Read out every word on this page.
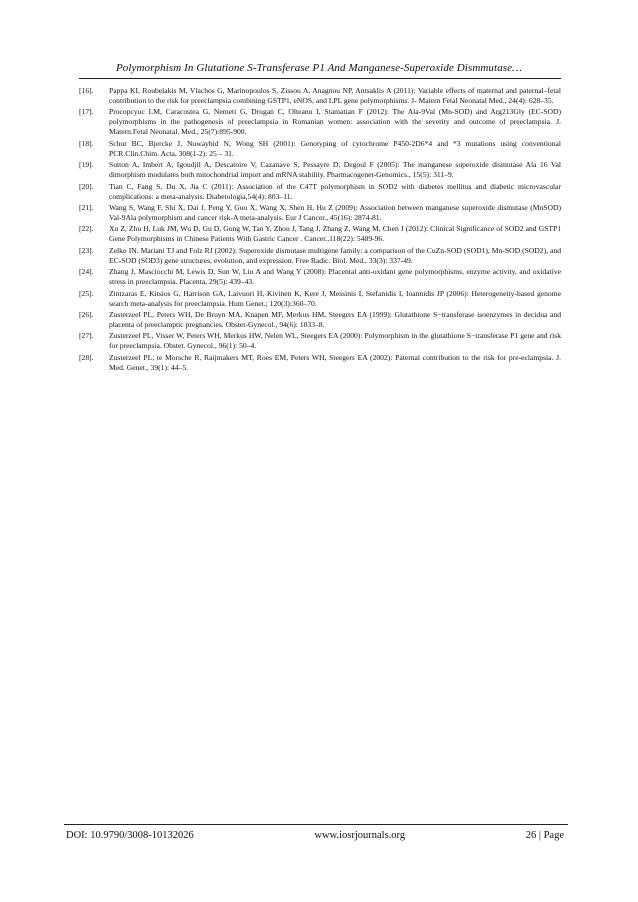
Polymorphism In Glutatione S-Transferase P1 And Manganese-Superoxide Dismmutase…
[16].	Pappa KI, Roubelakis M, Vlachos G, Marinopoulos S, Zissou A, Anagnou NP, Antsaklis A (2011): Variable effects of maternal and paternal–fetal contribution to the risk for preeclampsia combining GSTP1, eNOS, and LPL gene polymorphisms. J- Matern Fetal Neonatal Med., 24(4): 628–35.
[17].	Procopcyuc LM, Caracostea G, Nemeti G, Drugan C, Olteanu I, Stamatian F (2012): The Ala-9Val (Mn-SOD) and Arg213Gly (EC-SOD) polymorphisms in the pathogenesis of preeclampsia in Romanian women: association with the severity and outcome of preeclampsia. J. Matern.Fetal Neonatal. Med., 25(7):895-900.
[18].	Schur BC, Bjercke J, Nuwayhid N, Wong SH (2001): Genotyping of cytochrome P450-2D6*4 and *3 mutations using conventional PCR.Clin.Chim. Acta, 308(1-2): 25 – 31.
[19].	Sutton A, Imbert A, Igoudjil A, Descatoire V, Cazanave S, Pessayre D, Degoul F (2005): The manganese superoxide dismutase Ala 16 Val dimorphism modulates both mitochondrial import and mRNA stability. Pharmacogenet-Genomics., 15(5): 311–9.
[20].	Tian C, Fang S, Du X, Jia C (2011): Association of the C47T polymorphism in SOD2 with diabetes mellitus and diabetic microvascular complications: a meta-analysis. Diabetologia,54(4): 803–11.
[21].	Wang S, Wang F, Shi X, Dai J, Peng Y, Guo X, Wang X, Shen H, Hu Z (2009): Association between manganese superoxide dismutase (MnSOD) Val-9Ala polymorphism and cancer risk-A meta-analysis. Eur J Cancer., 45(16): 2874-81.
[22].	Xu Z, Zhu H, Luk JM, Wu D, Gu D, Gong W, Tan Y, Zhou J, Tang J, Zhang Z, Wang M, Chen J (2012): Clinical Significance of SOD2 and GSTP1 Gene Polymorphisms in Chinese Patients With Gastric Cancer . Cancer.,118(22): 5489-96.
[23].	Zelko IN. Mariani TJ and Folz RJ (2002): Superoxide dismutase multigene family: a comparison of the CuZn-SOD (SOD1), Mn-SOD (SOD2), and EC-SOD (SOD3) gene structures, evolution, and expression. Free Radic. Biol. Med., 33(3): 337-49.
[24].	Zhang J, Masciocchi M, Lewis D, Sun W, Liu A and Wang Y (2008): Placental anti-oxidant gene polymorphisms, enzyme activity, and oxidative stress in preeclampsia. Placenta, 29(5): 439–43.
[25].	Zintzaras E, Kitsios G, Harrison GA, Laivuori H, Kivinen K, Kere J, Messinis I, Stefanidis I, Ioannidis JP (2006): Heterogeneity-based genome search meta-analysis for preeclampsia. Hum Genet.; 120(3):360–70.
[26].	Zusterzeel PL, Peters WH, De Bruyn MA, Knapen MF, Merkus HM, Steegers EA (1999): Glutathione S−transferase isoenzymes in decidua and placenta of preeclamptic pregnancies. Obstet-Gynecol., 94(6): 1033–8.
[27].	Zusterzeel PL, Visser W, Peters WH, Merkus HW, Nelen WL, Steegers EA (2000): Polymorphism in the glutathione S−transferase P1 gene and risk for preeclampsia. Obstet. Gynecol., 96(1): 50–4.
[28].	Zusterzeel PL, te Morsche R, Raijmakers MT, Roes EM, Peters WH, Steegers EA (2002): Paternal contribution to the risk for pre-eclampsia. J. Med. Genet., 39(1): 44–5.
DOI: 10.9790/3008-10132026	www.iosrjournals.org	26 | Page
